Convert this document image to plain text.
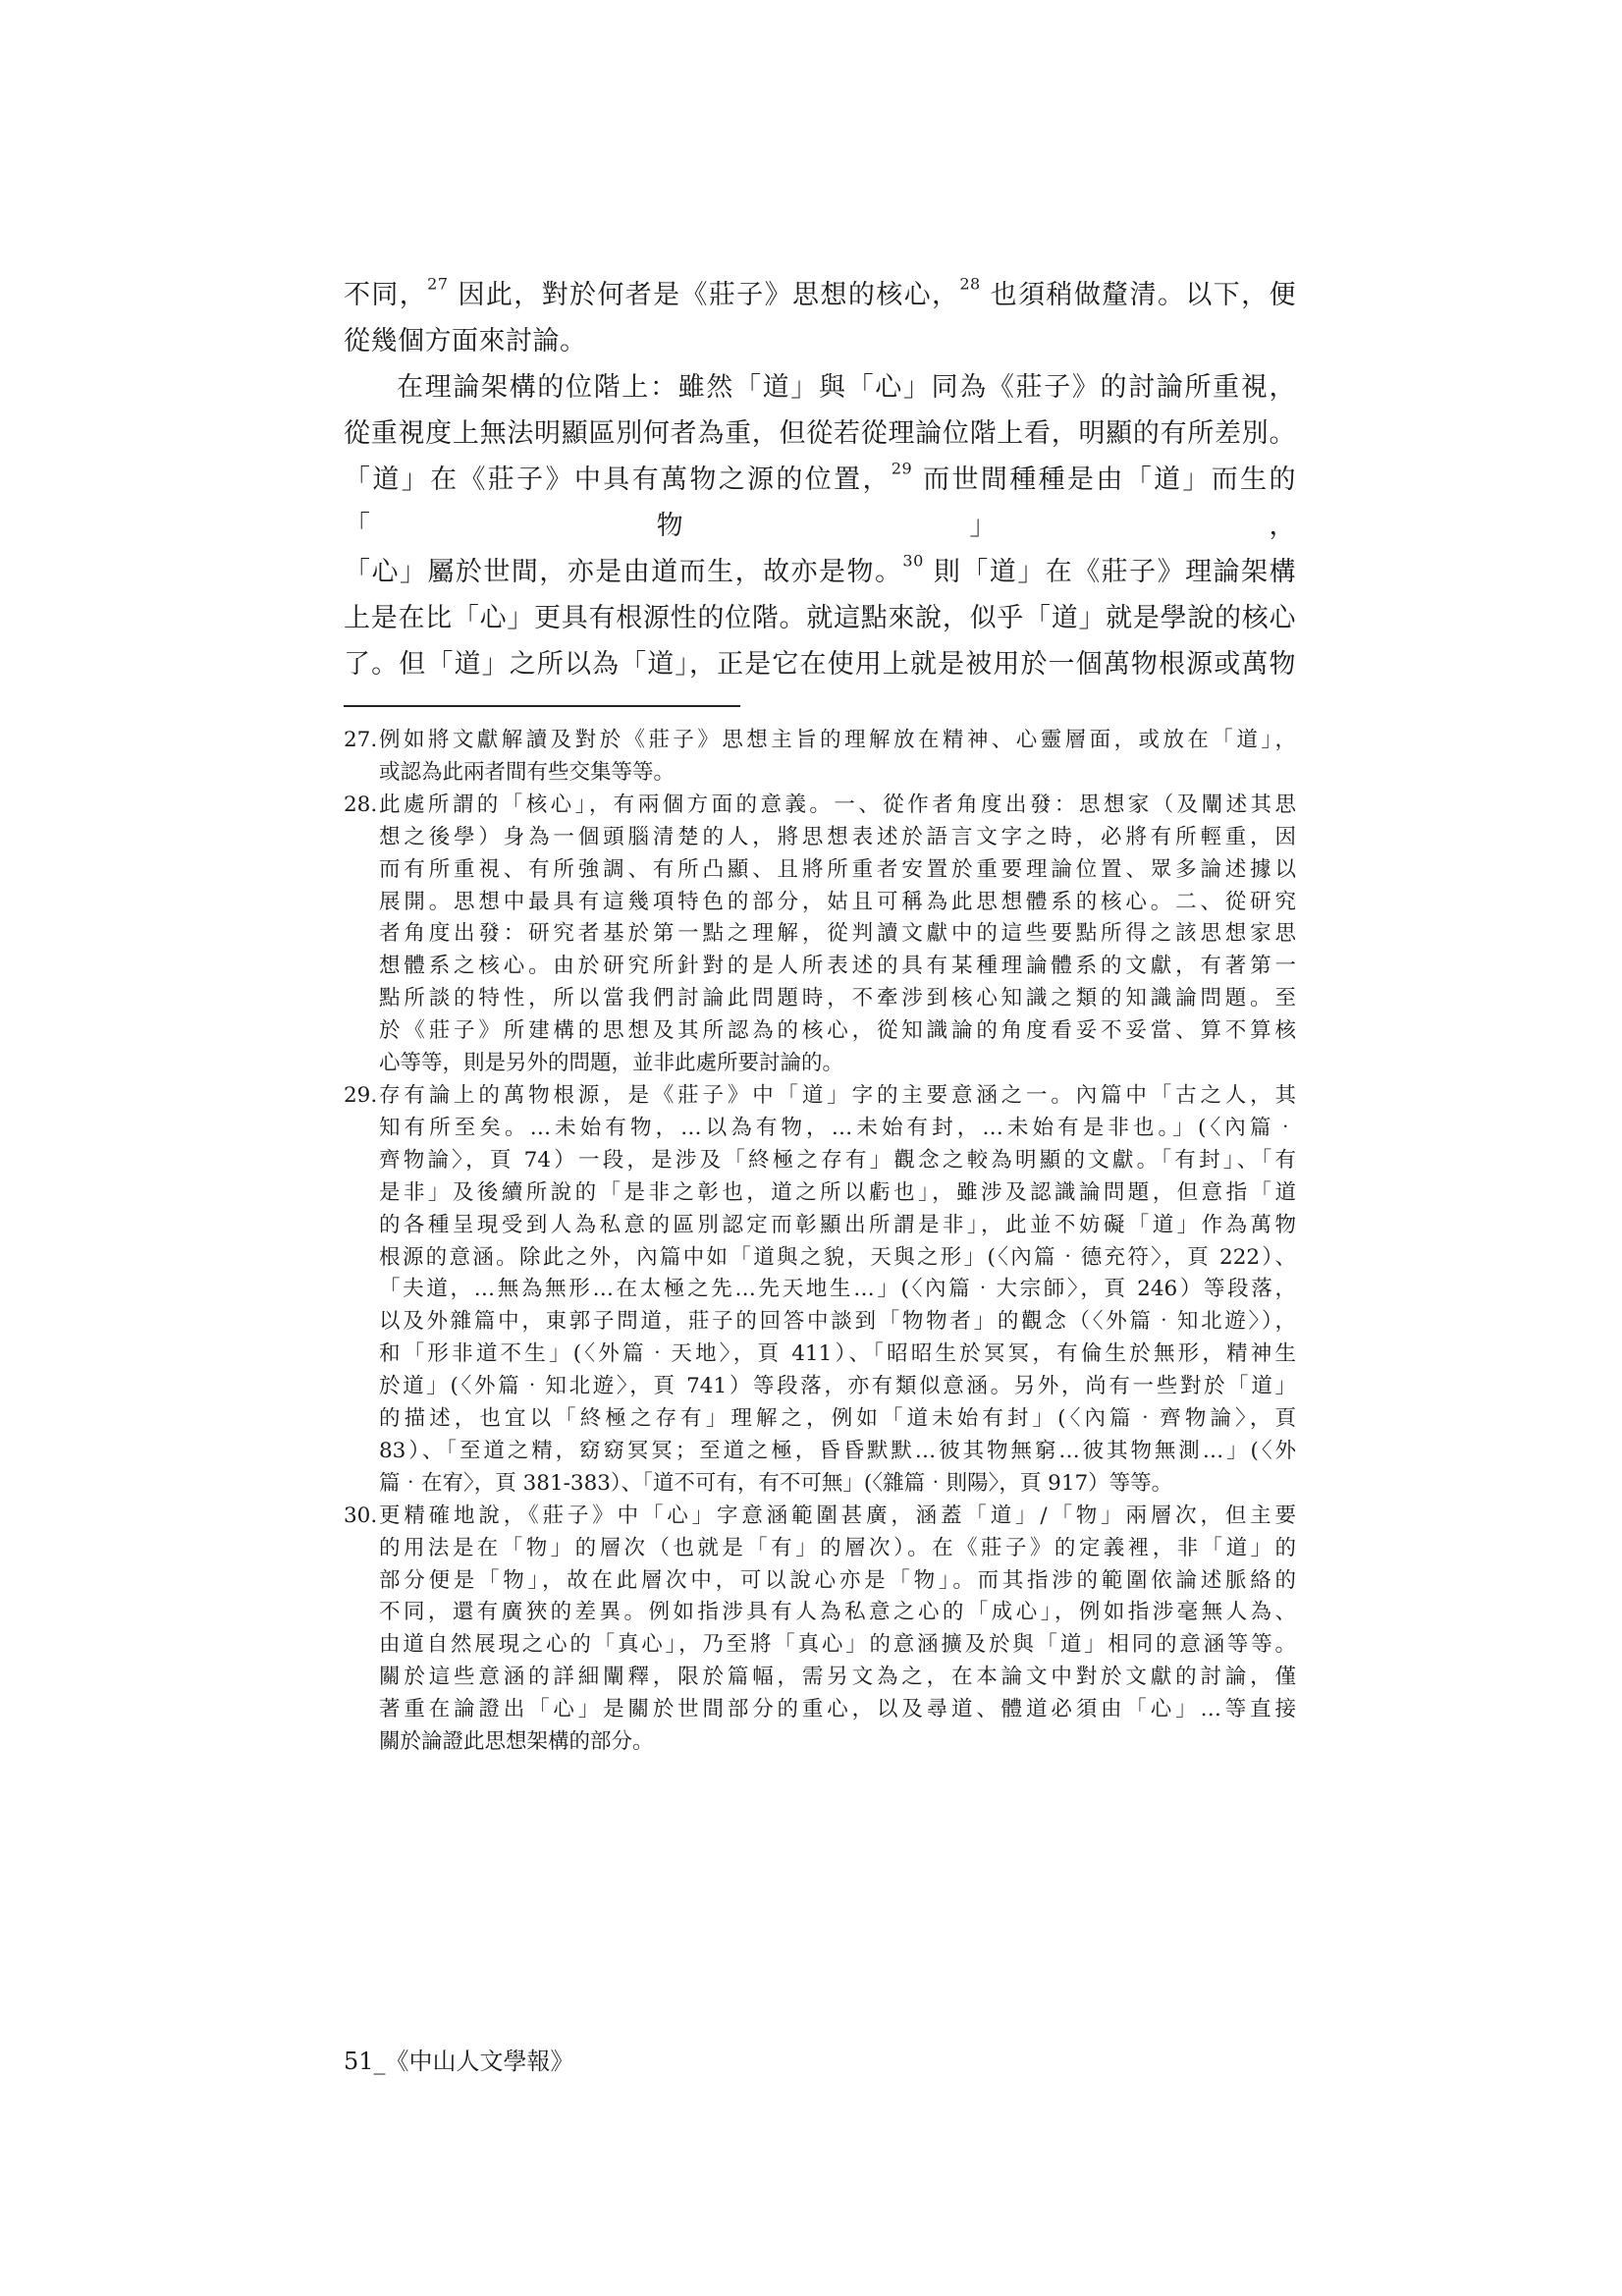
不同，$^{27}$ 因此，對於何者是《莊子》思想的核心，$^{28}$ 也須稍做釐清。以下，便

從幾個方面來討論。

在理論架構的位階上：雖然「道」與「心」同為《莊子》的討論所重視，

從重視度上無法明顯區別何者為重，但從若從理論位階上看，明顯的有所差別。

「道」在《莊子》中具有萬物之源的位置，$^{29}$ 而世間種種是由「道」而生的「物」，

「心」屬於世間，亦是由道而生，故亦是物。$^{30}$ 則「道」在《莊子》理論架構

上是在比「心」更具有根源性的位階。就這點來說，似乎「道」就是學說的核心

了。但「道」之所以為「道」，正是它在使用上就是被用於一個萬物根源或萬物

27. 例如將文獻解讀及對於《莊子》思想主旨的理解放在精神、心靈層面，或放在「道」，
或認為此兩者間有些交集等等。
28. 此處所謂的「核心」，有兩個方面的意義。一、從作者角度出發：思想家（及闡述其思
想之後學）身為一個頭腦清楚的人，將思想表述於語言文字之時，必將有所輕重，因
而有所重視、有所強調、有所凸顯、且將所重者安置於重要理論位置、眾多論述據以
展開。思想中最具有這幾項特色的部分，姑且可稱為此思想體系的核心。二、從研究
者角度出發：研究者基於第一點之理解，從判讀文獻中的這些要點所得之該思想家思
想體系之核心。由於研究所針對的是人所表述的具有某種理論體系的文獻，有著第一
點所談的特性，所以當我們討論此問題時，不牽涉到核心知識之類的知識論問題。至
於《莊子》所建構的思想及其所認為的核心，從知識論的角度看妥不妥當、算不算核
心等等，則是另外的問題，並非此處所要討論的。
29. 存有論上的萬物根源，是《莊子》中「道」字的主要意涵之一。內篇中「古之人，其
知有所至矣。…未始有物，…以為有物，…未始有封，…未始有是非也。」(〈內篇‧
齊物論〉，頁 74）一段，是涉及「終極之存有」觀念之較為明顯的文獻。「有封」、「有
是非」及後續所說的「是非之彰也，道之所以虧也」，雖涉及認識論問題，但意指「道
的各種呈現受到人為私意的區別認定而彰顯出所謂是非」，此並不妨礙「道」作為萬物
根源的意涵。除此之外，內篇中如「道與之貌，天與之形」(〈內篇‧德充符〉，頁 222）、
「夫道，…無為無形…在太極之先…先天地生…」(〈內篇‧大宗師〉，頁 246）等段落，
以及外雜篇中，東郭子問道，莊子的回答中談到「物物者」的觀念（〈外篇‧知北遊〉），
和「形非道不生」(〈外篇‧天地〉，頁 411）、「昭昭生於冥冥，有倫生於無形，精神生
於道」(〈外篇‧知北遊〉，頁 741）等段落，亦有類似意涵。另外，尚有一些對於「道」
的描述，也宜以「終極之存有」理解之，例如「道未始有封」(〈內篇‧齊物論〉，頁
83）、「至道之精，窈窈冥冥；至道之極，昏昏默默…彼其物無窮…彼其物無測…」(〈外
篇‧在宥〉，頁 381-383）、「道不可有，有不可無」(〈雜篇‧則陽〉，頁 917）等等。
30. 更精確地說，《莊子》中「心」字意涵範圍甚廣，涵蓋「道」/「物」兩層次，但主要
的用法是在「物」的層次（也就是「有」的層次）。在《莊子》的定義裡，非「道」的
部分便是「物」，故在此層次中，可以說心亦是「物」。而其指涉的範圍依論述脈絡的
不同，還有廣狹的差異。例如指涉具有人為私意之心的「成心」，例如指涉毫無人為、
由道自然展現之心的「真心」，乃至將「真心」的意涵擴及於與「道」相同的意涵等等。
關於這些意涵的詳細闡釋，限於篇幅，需另文為之，在本論文中對於文獻的討論，僅
著重在論證出「心」是關於世間部分的重心，以及尋道、體道必須由「心」…等直接
關於論證此思想架構的部分。
51_《中山人文學報》
